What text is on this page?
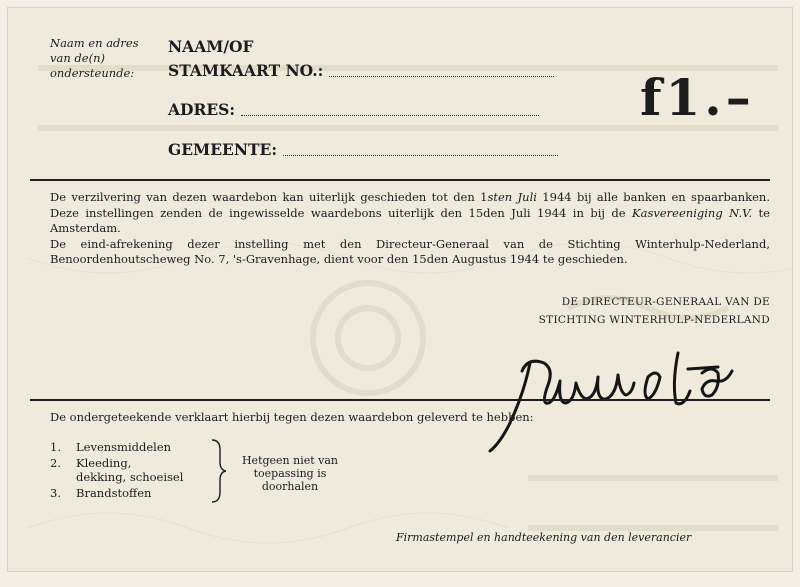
Naam en adres
van de(n)
ondersteunde:
NAAM/OF
STAMKAART NO.:
ADRES:
GEMEENTE:
f1.–

De verzilvering van dezen waardebon kan uiterlijk geschieden tot den 1sten Juli 1944 bij alle banken en spaarbanken. Deze instellingen zenden de ingewisselde waardebons uiterlijk den 15den Juli 1944 in bij de Kasvereeniging N.V. te Amsterdam.

De eind-afrekening dezer instelling met den Directeur-Generaal van de Stichting Winterhulp-Nederland, Benoordenhoutscheweg No. 7, 's-Gravenhage, dient voor den 15den Augustus 1944 te geschieden.

DE DIRECTEUR-GENERAAL VAN DE
STICHTING WINTERHULP-NEDERLAND
De ondergeteekende verklaart hierbij tegen dezen waardebon geleverd te hebben:
1.	Levensmiddelen
2.	Kleeding,
dekking, schoeisel
3.	Brandstoffen
Hetgeen niet van
toepassing is
doorhalen
Firmastempel en handteekening van den leverancier
